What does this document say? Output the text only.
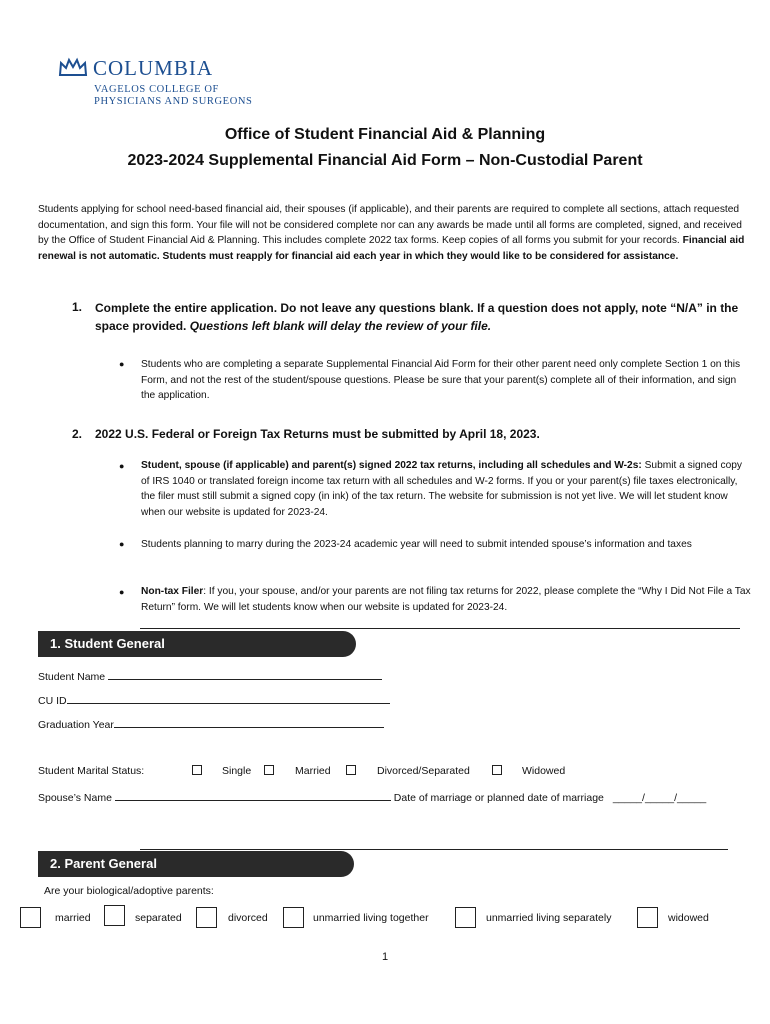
COLUMBIA
VAGELOS COLLEGE OF
PHYSICIANS AND SURGEONS
Office of Student Financial Aid & Planning
2023-2024 Supplemental Financial Aid Form – Non-Custodial Parent
Students applying for school need-based financial aid, their spouses (if applicable), and their parents are required to complete all sections, attach requested documentation, and sign this form. Your file will not be considered complete nor can any awards be made until all forms are completed, signed, and received by the Office of Student Financial Aid & Planning. This includes complete 2022 tax forms. Keep copies of all forms you submit for your records. Financial aid renewal is not automatic. Students must reapply for financial aid each year in which they would like to be considered for assistance.
1. Complete the entire application. Do not leave any questions blank. If a question does not apply, note “N/A” in the space provided. Questions left blank will delay the review of your file.
● Students who are completing a separate Supplemental Financial Aid Form for their other parent need only complete Section 1 on this Form, and not the rest of the student/spouse questions. Please be sure that your parent(s) complete all of their information, and sign the application.
2. 2022 U.S. Federal or Foreign Tax Returns must be submitted by April 18, 2023.
● Student, spouse (if applicable) and parent(s) signed 2022 tax returns, including all schedules and W-2s: Submit a signed copy of IRS 1040 or translated foreign income tax return with all schedules and W-2 forms. If you or your parent(s) file taxes electronically, the filer must still submit a signed copy (in ink) of the tax return. The website for submission is not yet live. We will let student know when our website is updated for 2023-24.
● Students planning to marry during the 2023-24 academic year will need to submit intended spouse’s information and taxes
● Non-tax Filer: If you, your spouse, and/or your parents are not filing tax returns for 2022, please complete the “Why I Did Not File a Tax Return” form. We will let students know when our website is updated for 2023-24.
1. Student General
Student Name
CU ID
Graduation Year
Student Marital Status:	Single	Married	Divorced/Separated	Widowed
Spouse’s Name	Date of marriage or planned date of marriage _____/_____/_____
2. Parent General
Are your biological/adoptive parents:
married	separated	divorced	unmarried living together	unmarried living separately	widowed
1
